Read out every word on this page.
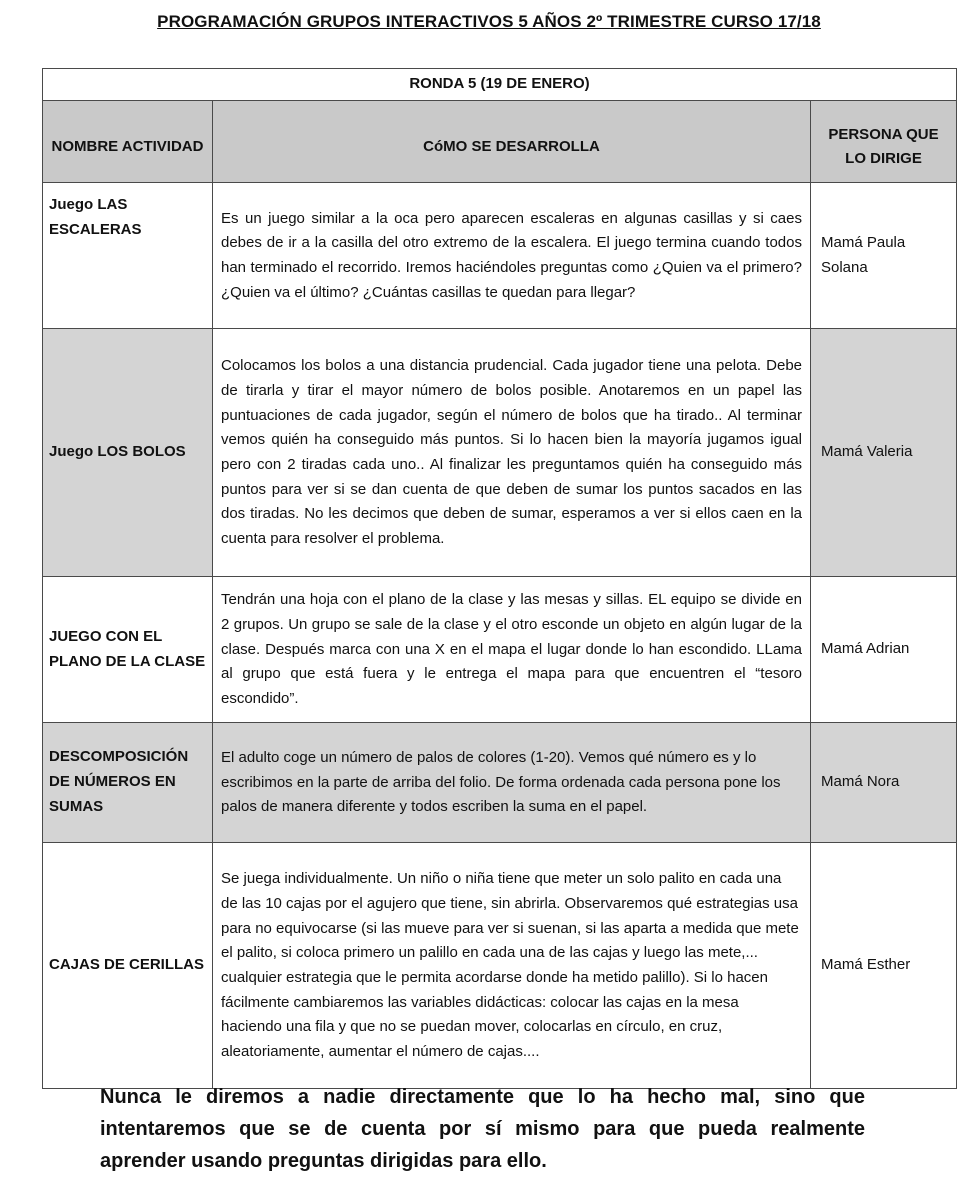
PROGRAMACIÓN GRUPOS INTERACTIVOS 5 AÑOS 2º TRIMESTRE CURSO 17/18
RONDA 5 (19 DE ENERO)		
NOMBRE ACTIVIDAD	CóMO SE DESARROLLA	PERSONA QUE LO DIRIGE
Juego LAS ESCALERAS	Es un juego similar a la oca pero aparecen escaleras en algunas casillas y si caes debes de ir a la casilla del otro extremo de la escalera. El juego termina cuando todos han terminado el recorrido. Iremos haciéndoles preguntas como ¿Quien va el primero? ¿Quien va el último? ¿Cuántas casillas te quedan para llegar?	Mamá Paula Solana
Juego LOS BOLOS	Colocamos los bolos a una distancia prudencial. Cada jugador tiene una pelota. Debe de tirarla y tirar el mayor número de bolos posible. Anotaremos en un papel las puntuaciones de cada jugador, según el número de bolos que ha tirado.. Al terminar vemos quién ha conseguido más puntos. Si lo hacen bien la mayoría jugamos igual pero con 2 tiradas cada uno.. Al finalizar les preguntamos quién ha conseguido más puntos para ver si se dan cuenta de que deben de sumar los puntos sacados en las dos tiradas. No les decimos que deben de sumar, esperamos a ver si ellos caen en la cuenta para resolver el problema.	Mamá Valeria
JUEGO CON EL PLANO DE LA CLASE	Tendrán una hoja con el plano de la clase y las mesas y sillas. EL equipo se divide en 2 grupos. Un grupo se sale de la clase y el otro esconde un objeto en algún lugar de la clase. Después marca con una X en el mapa el lugar donde lo han escondido. LLama al grupo que está fuera y le entrega el mapa para que encuentren el “tesoro escondido”.	Mamá Adrian
DESCOMPOSICIÓN DE NÚMEROS EN SUMAS	El adulto coge un número de palos de colores (1-20). Vemos qué número es y lo escribimos en la parte de arriba del folio. De forma ordenada cada persona pone los palos de manera diferente y todos escriben la suma en el papel.	Mamá Nora
CAJAS DE CERILLAS	Se juega individualmente. Un niño o niña tiene que meter un solo palito en cada una de las 10 cajas por el agujero que tiene, sin abrirla. Observaremos qué estrategias usa para no equivocarse (si las mueve para ver si suenan, si las aparta a medida que mete el palito, si coloca primero un palillo en cada una de las cajas y luego las mete,... cualquier estrategia que le permita acordarse donde ha metido palillo). Si lo hacen fácilmente cambiaremos las variables didácticas: colocar las cajas en la mesa haciendo una fila y que no se puedan mover, colocarlas en círculo, en cruz, aleatoriamente, aumentar el número de cajas....	Mamá Esther
Nunca le diremos a nadie directamente que lo ha hecho mal, sino que intentaremos que se de cuenta por sí mismo para que pueda realmente aprender usando preguntas dirigidas para ello.
